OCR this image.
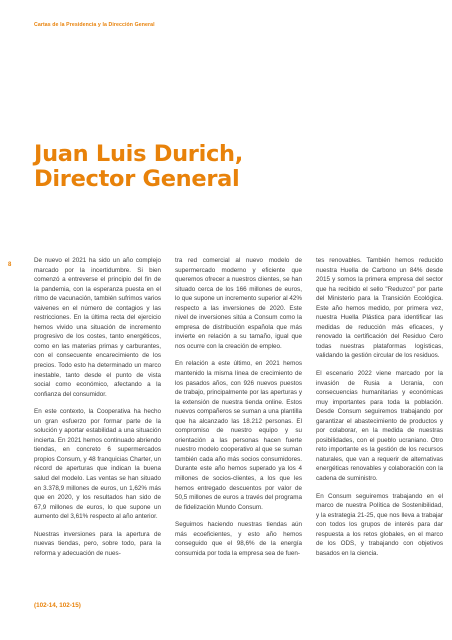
Cartas de la Presidencia y la Dirección General
Juan Luis Durich,
Director General
8

De nuevo el 2021 ha sido un año complejo marcado por la incertidumbre. Si bien comenzó a entreverse el principio del fin de la pandemia, con la esperanza puesta en el ritmo de vacunación, también sufrimos varios vaivenes en el número de contagios y las restricciones. En la última recta del ejercicio hemos vivido una situación de incremento progresivo de los costes, tanto energéticos, como en las materias primas y carburantes, con el consecuente encarecimiento de los precios. Todo esto ha determinado un marco inestable, tanto desde el punto de vista social como económico, afectando a la confianza del consumidor.

En este contexto, la Cooperativa ha hecho un gran esfuerzo por formar parte de la solución y aportar estabilidad a una situación incierta. En 2021 hemos continuado abriendo tiendas, en concreto 6 supermercados propios Consum, y 48 franquicias Charter, un récord de aperturas que indican la buena salud del modelo. Las ventas se han situado en 3.378,9 millones de euros, un 1,62% más que en 2020, y los resultados han sido de 67,9 millones de euros, lo que supone un aumento del 3,61% respecto al año anterior.

Nuestras inversiones para la apertura de nuevas tiendas, pero, sobre todo, para la reforma y adecuación de nues-

tra red comercial al nuevo modelo de supermercado moderno y eficiente que queremos ofrecer a nuestros clientes, se han situado cerca de los 166 millones de euros, lo que supone un incremento superior al 42% respecto a las inversiones de 2020. Este nivel de inversiones sitúa a Consum como la empresa de distribución española que más invierte en relación a su tamaño, igual que nos ocurre con la creación de empleo.

En relación a este último, en 2021 hemos mantenido la misma línea de crecimiento de los pasados años, con 926 nuevos puestos de trabajo, principalmente por las aperturas y la extensión de nuestra tienda online. Estos nuevos compañeros se suman a una plantilla que ha alcanzado las 18.212 personas. El compromiso de nuestro equipo y su orientación a las personas hacen fuerte nuestro modelo cooperativo al que se suman también cada año más socios consumidores. Durante este año hemos superado ya los 4 millones de socios-clientes, a los que les hemos entregado descuentos por valor de 50,5 millones de euros a través del programa de fidelización Mundo Consum.

Seguimos haciendo nuestras tiendas aún más ecoeficientes, y esto año hemos conseguido que el 98,6% de la energía consumida por toda la empresa sea de fuen-

tes renovables. También hemos reducido nuestra Huella de Carbono un 84% desde 2015 y somos la primera empresa del sector que ha recibido el sello "Reduzco" por parte del Ministerio para la Transición Ecológica. Este año hemos medido, por primera vez, nuestra Huella Plástica para identificar las medidas de reducción más eficaces, y renovado la certificación del Residuo Cero todas nuestras plataformas logísticas, validando la gestión circular de los residuos.

El escenario 2022 viene marcado por la invasión de Rusia a Ucrania, con consecuencias humanitarias y económicas muy importantes para toda la población. Desde Consum seguiremos trabajando por garantizar el abastecimiento de productos y por colaborar, en la medida de nuestras posibilidades, con el pueblo ucraniano. Otro reto importante es la gestión de los recursos naturales, que van a requerir de alternativas energéticas renovables y colaboración con la cadena de suministro.

En Consum seguiremos trabajando en el marco de nuestra Política de Sostenibilidad, y la estrategia 21-25, que nos lleva a trabajar con todos los grupos de interés para dar respuesta a los retos globales, en el marco de los ODS, y trabajando con objetivos basados en la ciencia.

(102-14, 102-15)
